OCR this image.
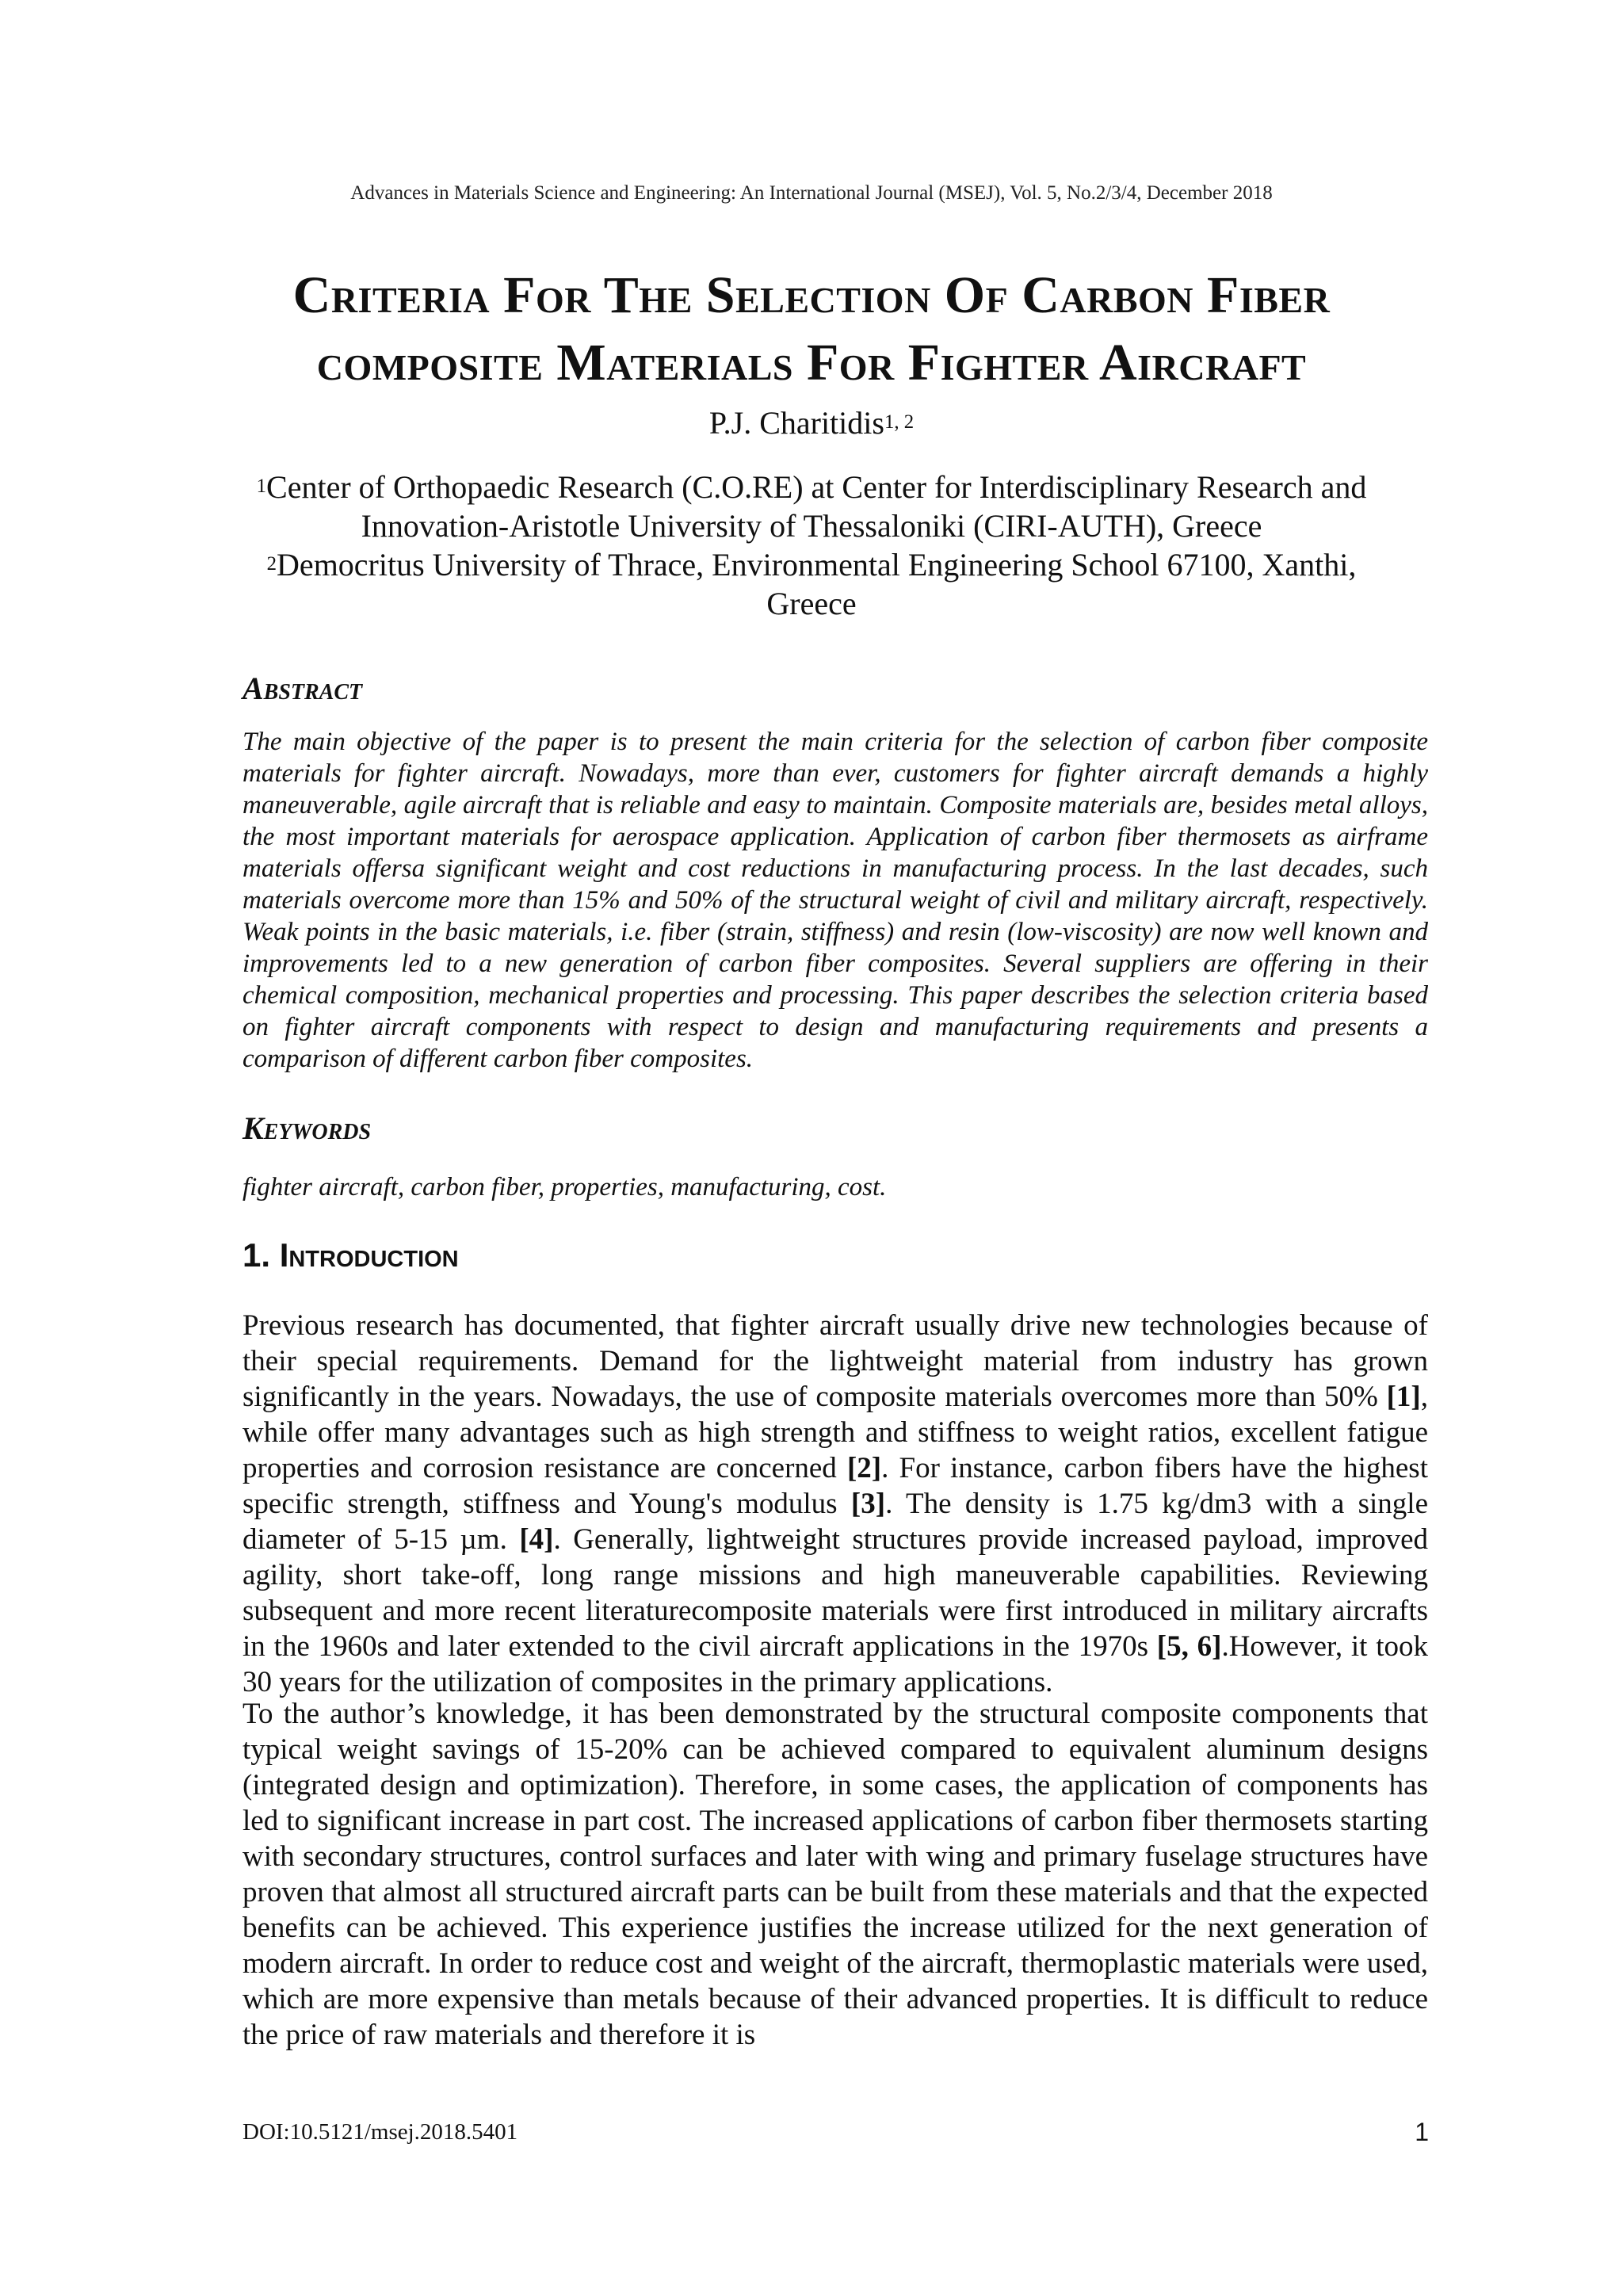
Advances in Materials Science and Engineering: An International Journal (MSEJ), Vol. 5, No.2/3/4, December 2018
Criteria For The Selection Of Carbon Fiber
composite Materials For Fighter Aircraft
P.J. Charitidis$^{1, 2}$
$^1$Center of Orthopaedic Research (C.O.RE) at Center for Interdisciplinary Research and
Innovation-Aristotle University of Thessaloniki (CIRI-AUTH), Greece
$^2$Democritus University of Thrace, Environmental Engineering School 67100, Xanthi,
Greece
Abstract

The main objective of the paper is to present the main criteria for the selection of carbon fiber composite materials for fighter aircraft. Nowadays, more than ever, customers for fighter aircraft demands a highly maneuverable, agile aircraft that is reliable and easy to maintain. Composite materials are, besides metal alloys, the most important materials for aerospace application. Application of carbon fiber thermosets as airframe materials offersa significant weight and cost reductions in manufacturing process. In the last decades, such materials overcome more than 15% and 50% of the structural weight of civil and military aircraft, respectively. Weak points in the basic materials, i.e. fiber (strain, stiffness) and resin (low-viscosity) are now well known and improvements led to a new generation of carbon fiber composites. Several suppliers are offering in their chemical composition, mechanical properties and processing. This paper describes the selection criteria based on fighter aircraft components with respect to design and manufacturing requirements and presents a comparison of different carbon fiber composites.

Keywords

fighter aircraft, carbon fiber, properties, manufacturing, cost.

1. Introduction

Previous research has documented, that fighter aircraft usually drive new technologies because of their special requirements. Demand for the lightweight material from industry has grown significantly in the years. Nowadays, the use of composite materials overcomes more than 50% [1], while offer many advantages such as high strength and stiffness to weight ratios, excellent fatigue properties and corrosion resistance are concerned [2]. For instance, carbon fibers have the highest specific strength, stiffness and Young's modulus [3]. The density is 1.75 kg/dm3 with a single diameter of 5-15 µm. [4]. Generally, lightweight structures provide increased payload, improved agility, short take-off, long range missions and high maneuverable capabilities. Reviewing subsequent and more recent literaturecomposite materials were first introduced in military aircrafts in the 1960s and later extended to the civil aircraft applications in the 1970s [5, 6].However, it took 30 years for the utilization of composites in the primary applications.

To the author’s knowledge, it has been demonstrated by the structural composite components that typical weight savings of 15-20% can be achieved compared to equivalent aluminum designs (integrated design and optimization). Therefore, in some cases, the application of components has led to significant increase in part cost. The increased applications of carbon fiber thermosets starting with secondary structures, control surfaces and later with wing and primary fuselage structures have proven that almost all structured aircraft parts can be built from these materials and that the expected benefits can be achieved. This experience justifies the increase utilized for the next generation of modern aircraft. In order to reduce cost and weight of the aircraft, thermoplastic materials were used, which are more expensive than metals because of their advanced properties. It is difficult to reduce the price of raw materials and therefore it is

DOI:10.5121/msej.2018.5401	1
